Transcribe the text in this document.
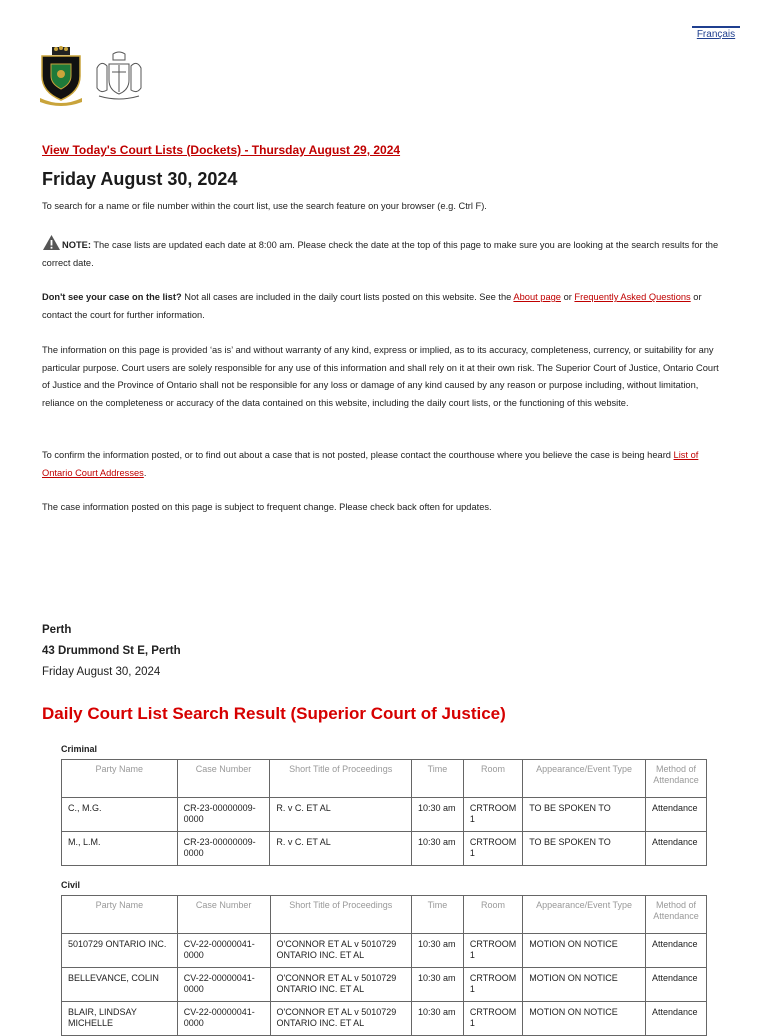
Français
View Today's Court Lists (Dockets) - Thursday August 29, 2024
Friday August 30, 2024

To search for a name or file number within the court list, use the search feature on your browser (e.g. Ctrl F).

NOTE: The case lists are updated each date at 8:00 am. Please check the date at the top of this page to make sure you are looking at the search results for the correct date.

Don't see your case on the list? Not all cases are included in the daily court lists posted on this website. See the About page or Frequently Asked Questions or contact the court for further information.

The information on this page is provided ‘as is’ and without warranty of any kind, express or implied, as to its accuracy, completeness, currency, or suitability for any particular purpose. Court users are solely responsible for any use of this information and shall rely on it at their own risk. The Superior Court of Justice, Ontario Court of Justice and the Province of Ontario shall not be responsible for any loss or damage of any kind caused by any reason or purpose including, without limitation, reliance on the completeness or accuracy of the data contained on this website, including the daily court lists, or the functioning of this website.

To confirm the information posted, or to find out about a case that is not posted, please contact the courthouse where you believe the case is being heard List of Ontario Court Addresses.

The case information posted on this page is subject to frequent change. Please check back often for updates.

Perth
43 Drummond St E, Perth
Friday August 30, 2024
Daily Court List Search Result (Superior Court of Justice)
Criminal
Party Name	Case Number	Short Title of Proceedings	Time	Room	Appearance/Event Type	Method of Attendance
C., M.G.	CR-23-00000009-0000	R. v C. ET AL	10:30 am	CRTROOM 1	TO BE SPOKEN TO	Attendance
M., L.M.	CR-23-00000009-0000	R. v C. ET AL	10:30 am	CRTROOM 1	TO BE SPOKEN TO	Attendance
Civil
Party Name	Case Number	Short Title of Proceedings	Time	Room	Appearance/Event Type	Method of Attendance
5010729 ONTARIO INC.	CV-22-00000041-0000	O'CONNOR ET AL v 5010729 ONTARIO INC. ET AL	10:30 am	CRTROOM 1	MOTION ON NOTICE	Attendance
BELLEVANCE, COLIN	CV-22-00000041-0000	O'CONNOR ET AL v 5010729 ONTARIO INC. ET AL	10:30 am	CRTROOM 1	MOTION ON NOTICE	Attendance
BLAIR, LINDSAY MICHELLE	CV-22-00000041-0000	O'CONNOR ET AL v 5010729 ONTARIO INC. ET AL	10:30 am	CRTROOM 1	MOTION ON NOTICE	Attendance
